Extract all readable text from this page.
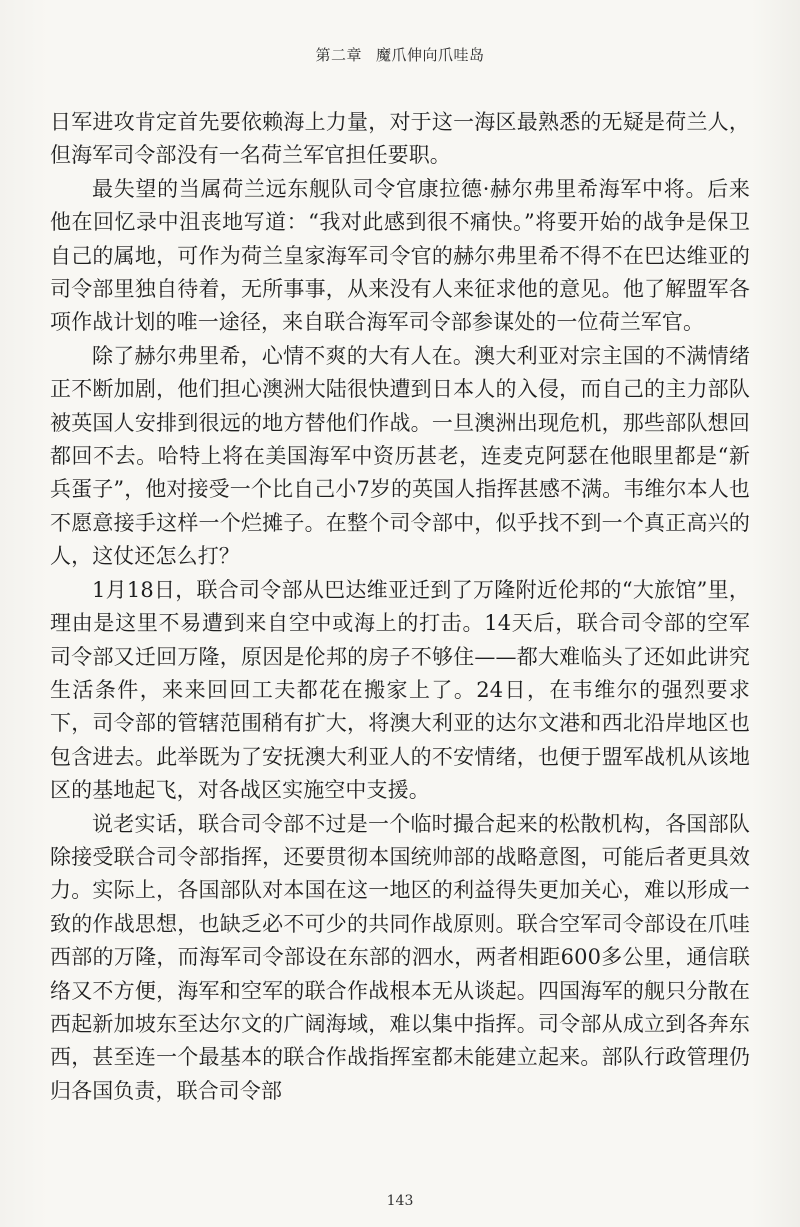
第二章 魔爪伸向爪哇岛

日军进攻肯定首先要依赖海上力量，对于这一海区最熟悉的无疑是荷兰人，但海军司令部没有一名荷兰军官担任要职。

最失望的当属荷兰远东舰队司令官康拉德·赫尔弗里希海军中将。后来他在回忆录中沮丧地写道：“我对此感到很不痛快。”将要开始的战争是保卫自己的属地，可作为荷兰皇家海军司令官的赫尔弗里希不得不在巴达维亚的司令部里独自待着，无所事事，从来没有人来征求他的意见。他了解盟军各项作战计划的唯一途径，来自联合海军司令部参谋处的一位荷兰军官。

除了赫尔弗里希，心情不爽的大有人在。澳大利亚对宗主国的不满情绪正不断加剧，他们担心澳洲大陆很快遭到日本人的入侵，而自己的主力部队被英国人安排到很远的地方替他们作战。一旦澳洲出现危机，那些部队想回都回不去。哈特上将在美国海军中资历甚老，连麦克阿瑟在他眼里都是“新兵蛋子”，他对接受一个比自己小7岁的英国人指挥甚感不满。韦维尔本人也不愿意接手这样一个烂摊子。在整个司令部中，似乎找不到一个真正高兴的人，这仗还怎么打？

1月18日，联合司令部从巴达维亚迁到了万隆附近伦邦的“大旅馆”里，理由是这里不易遭到来自空中或海上的打击。14天后，联合司令部的空军司令部又迁回万隆，原因是伦邦的房子不够住——都大难临头了还如此讲究生活条件，来来回回工夫都花在搬家上了。24日，在韦维尔的强烈要求下，司令部的管辖范围稍有扩大，将澳大利亚的达尔文港和西北沿岸地区也包含进去。此举既为了安抚澳大利亚人的不安情绪，也便于盟军战机从该地区的基地起飞，对各战区实施空中支援。

说老实话，联合司令部不过是一个临时撮合起来的松散机构，各国部队除接受联合司令部指挥，还要贯彻本国统帅部的战略意图，可能后者更具效力。实际上，各国部队对本国在这一地区的利益得失更加关心，难以形成一致的作战思想，也缺乏必不可少的共同作战原则。联合空军司令部设在爪哇西部的万隆，而海军司令部设在东部的泗水，两者相距600多公里，通信联络又不方便，海军和空军的联合作战根本无从谈起。四国海军的舰只分散在西起新加坡东至达尔文的广阔海域，难以集中指挥。司令部从成立到各奔东西，甚至连一个最基本的联合作战指挥室都未能建立起来。部队行政管理仍归各国负责，联合司令部

143
